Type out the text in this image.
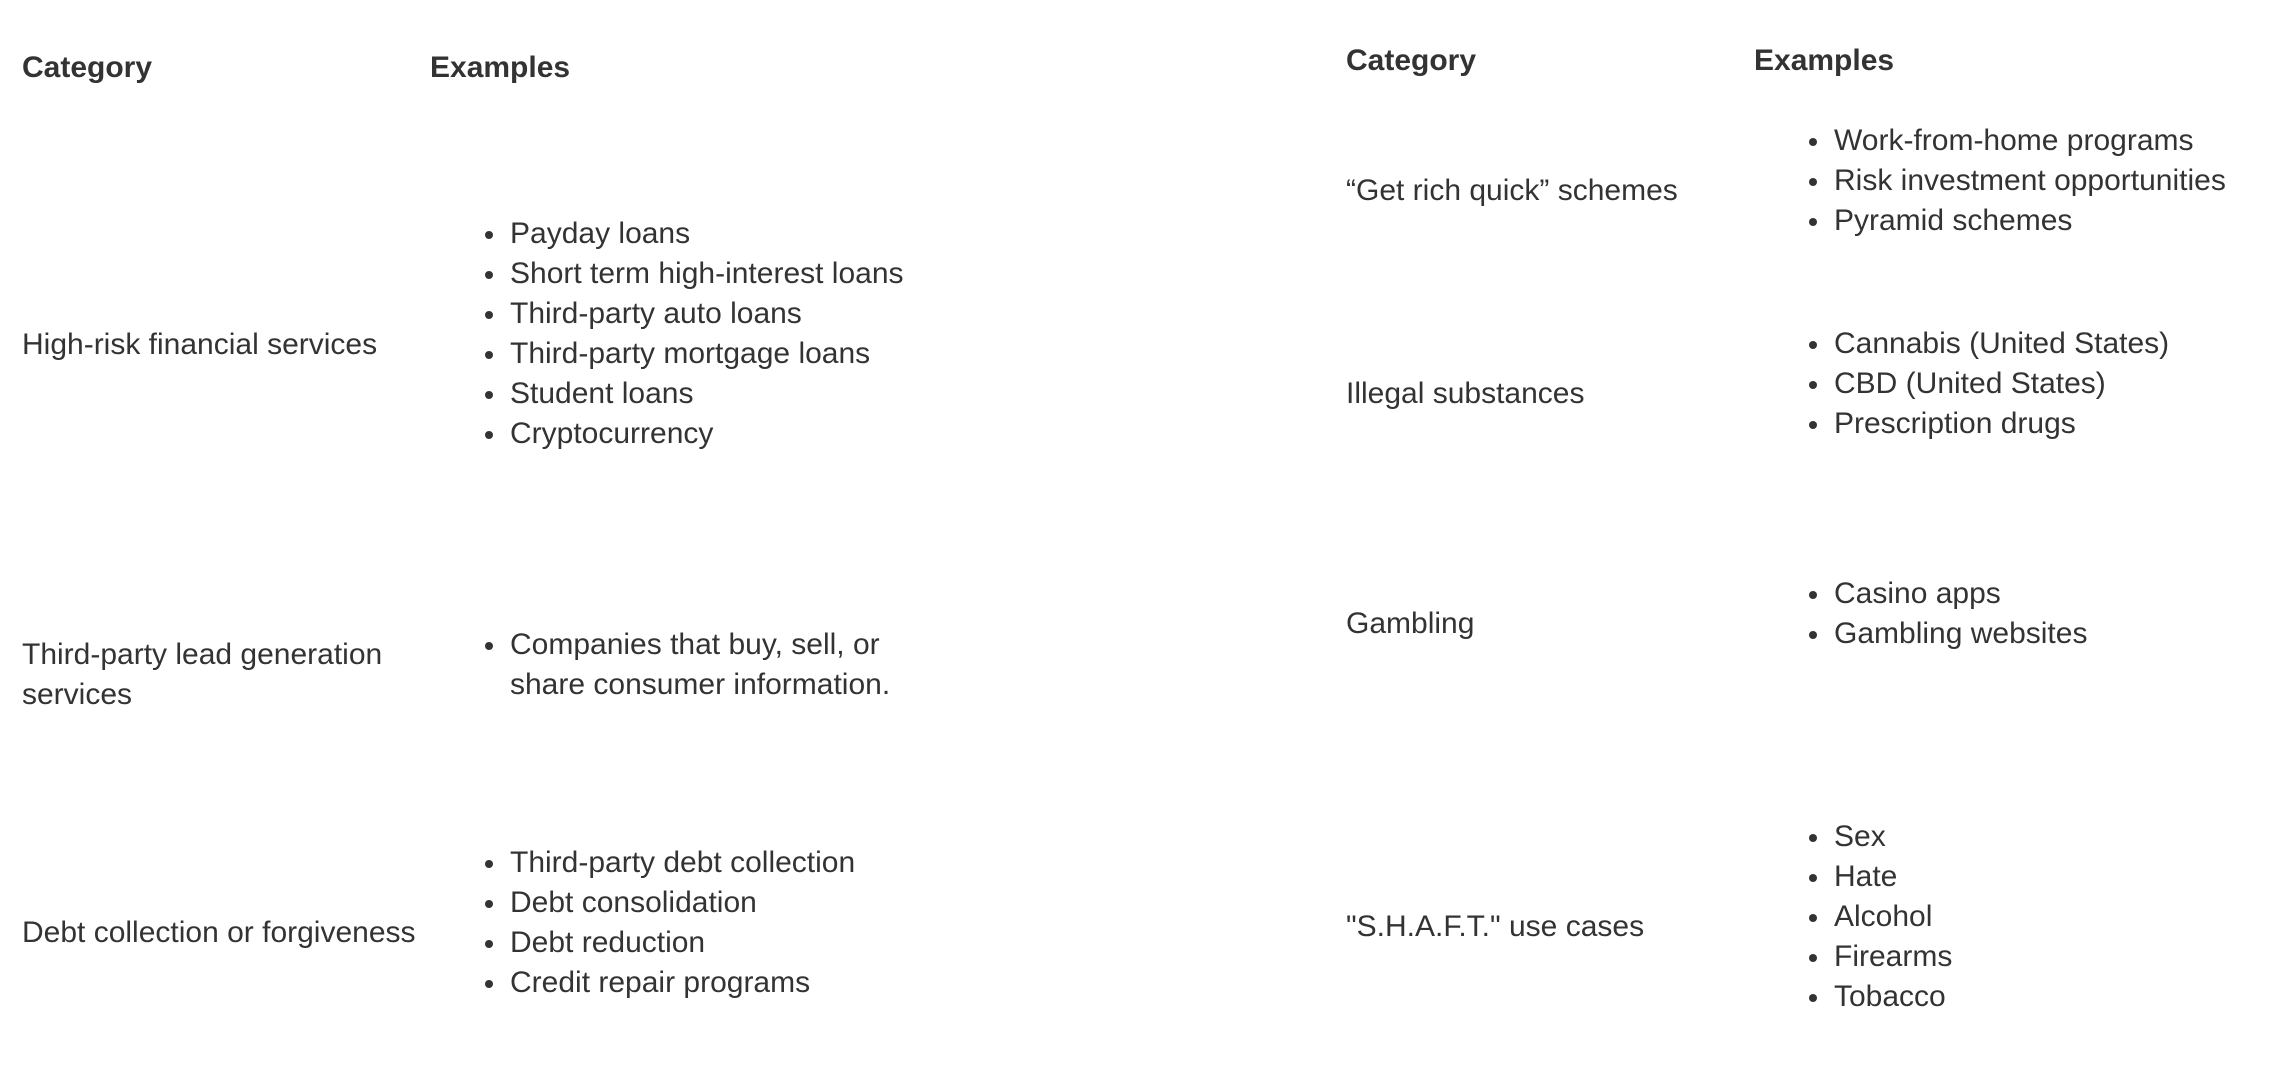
Category	Examples
High-risk financial services
Payday loans
Short term high-interest loans
Third-party auto loans
Third-party mortgage loans
Student loans
Cryptocurrency
Third-party lead generation services
Companies that buy, sell, or share consumer information.
Debt collection or forgiveness
Third-party debt collection
Debt consolidation
Debt reduction
Credit repair programs
Category	Examples
“Get rich quick” schemes
Work-from-home programs
Risk investment opportunities
Pyramid schemes
Illegal substances
Cannabis (United States)
CBD (United States)
Prescription drugs
Gambling
Casino apps
Gambling websites
"S.H.A.F.T." use cases
Sex
Hate
Alcohol
Firearms
Tobacco
